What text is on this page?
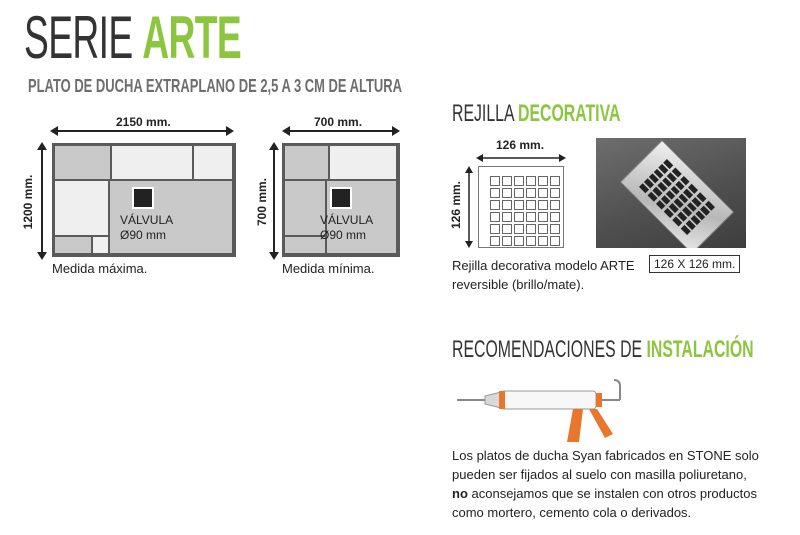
SERIE ARTE
PLATO DE DUCHA EXTRAPLANO DE 2,5 A 3 CM DE ALTURA
2150 mm.
1200 mm.	VÁLVULA
Ø90 mm
Medida máxima.
700 mm.
700 mm.	VÁLVULA
Ø90 mm
Medida mínima.
REJILLA DECORATIVA
126 mm.
126 mm.
126 X 126 mm.

Rejilla decorativa modelo ARTE

reversible (brillo/mate).

RECOMENDACIONES DE INSTALACIÓN

Los platos de ducha Syan fabricados en STONE solo

pueden ser fijados al suelo con masilla poliuretano,

no aconsejamos que se instalen con otros productos

como mortero, cemento cola o derivados.
